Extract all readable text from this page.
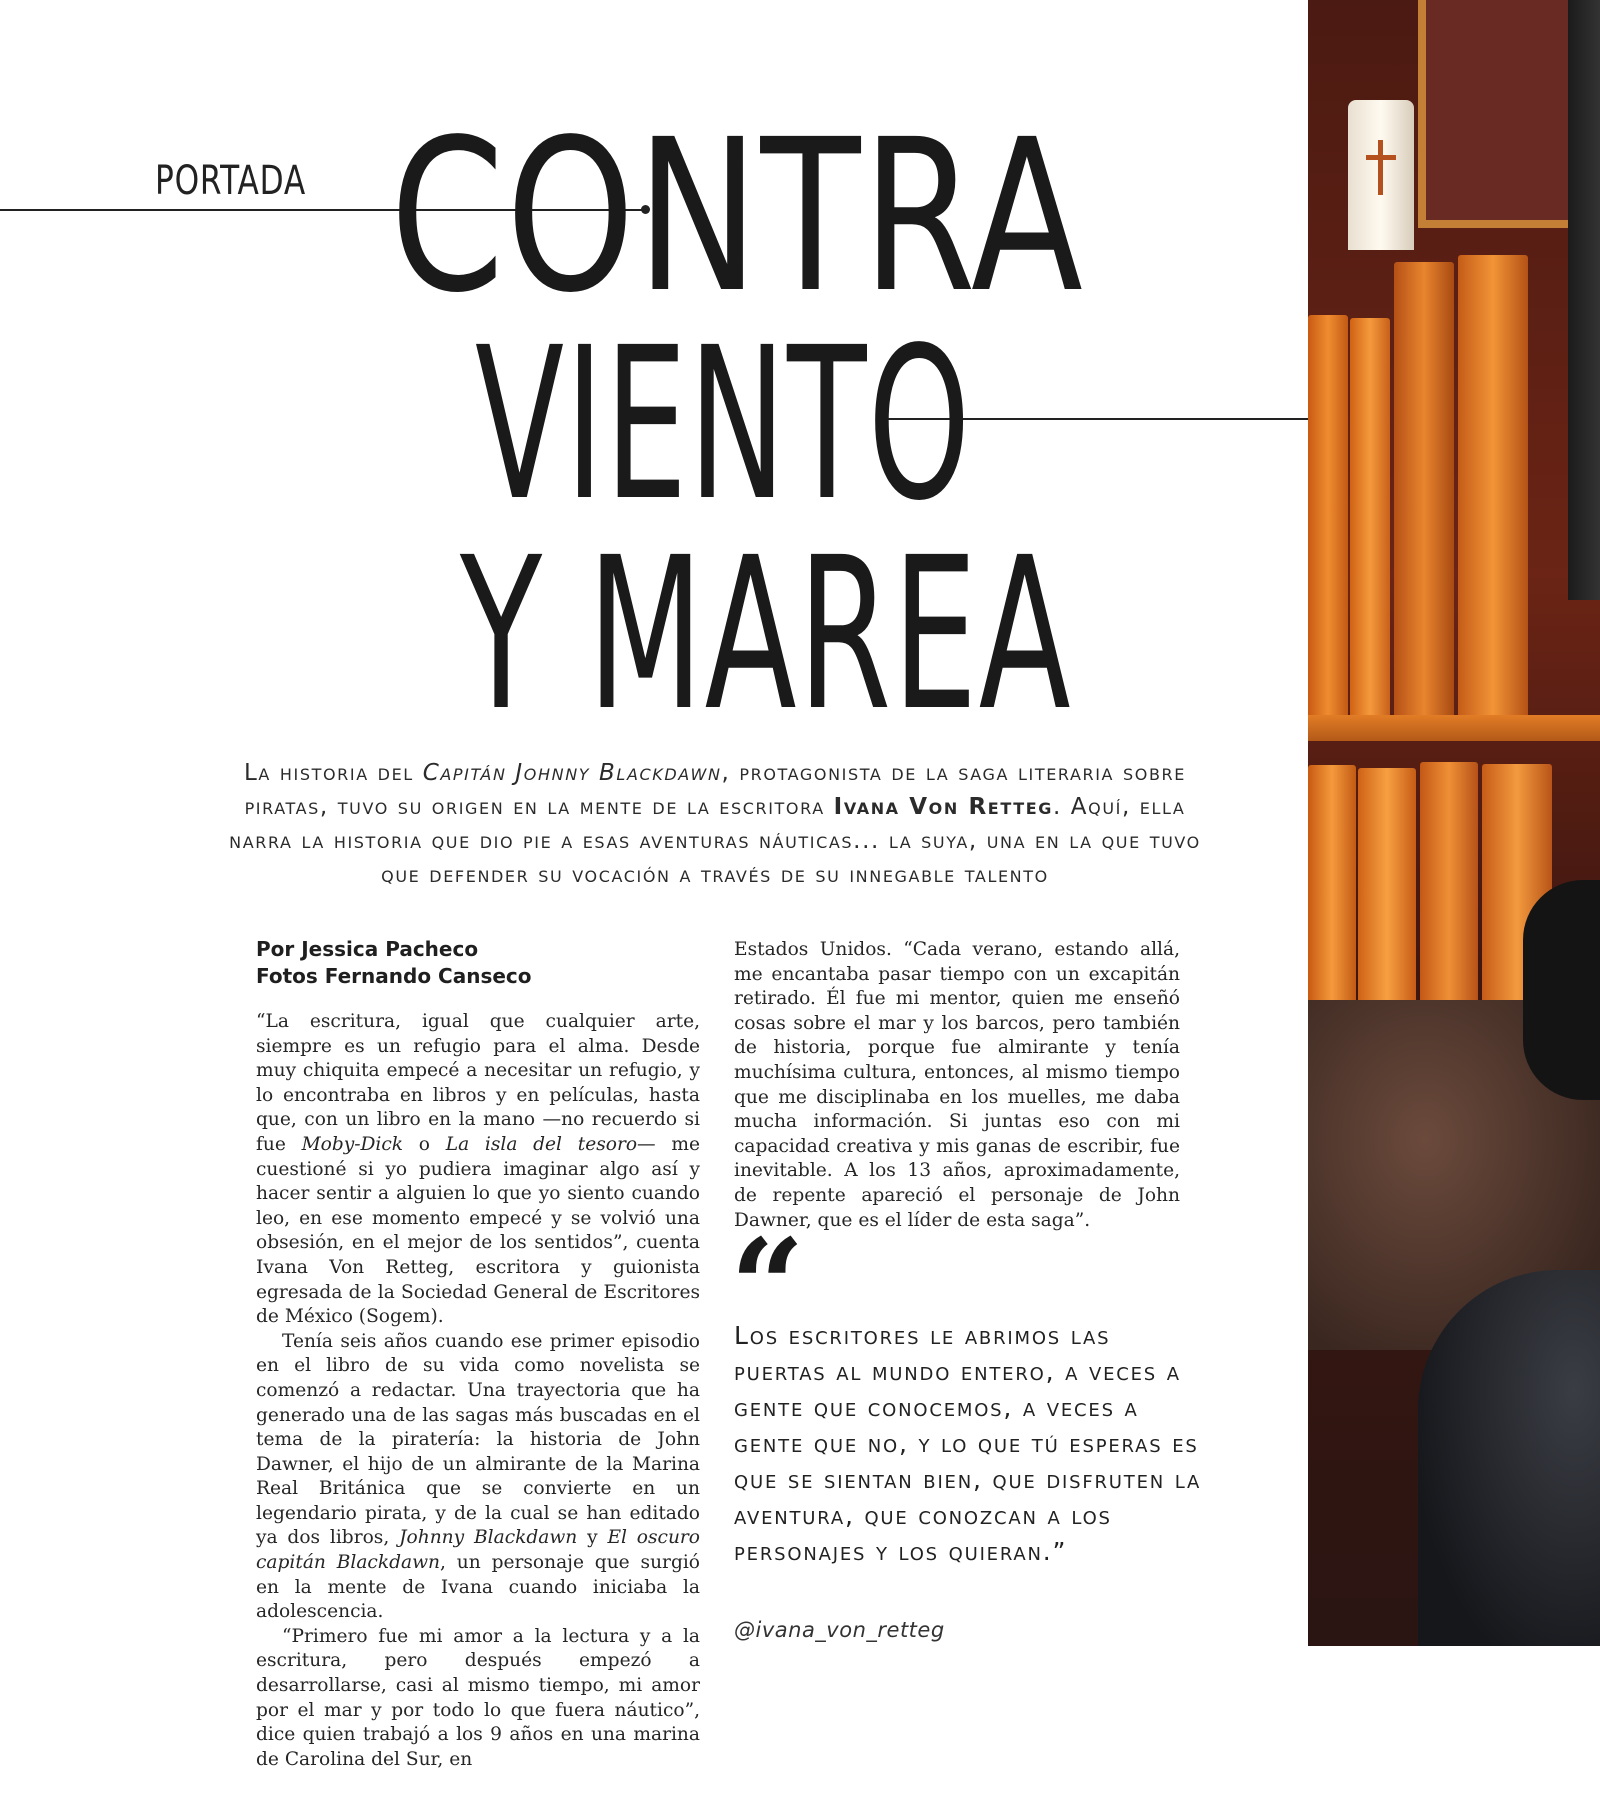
PORTADA CONTRA
VIENTO
Y MAREA
La historia del Capitán Johnny Blackdawn, protagonista de la saga literaria sobre piratas, tuvo su origen en la mente de la escritora Ivana Von Retteg. Aquí, ella narra la historia que dio pie a esas aventuras náuticas... la suya, una en la que tuvo que defender su vocación a través de su innegable talento
Por Jessica Pacheco
Fotos Fernando Canseco

“La escritura, igual que cualquier arte, siempre es un refugio para el alma. Desde muy chiquita empecé a necesitar un refugio, y lo encontraba en libros y en películas, hasta que, con un libro en la mano —no recuerdo si fue Moby-Dick o La isla del tesoro— me cuestioné si yo pudiera imaginar algo así y hacer sentir a alguien lo que yo siento cuando leo, en ese momento empecé y se volvió una obsesión, en el mejor de los sentidos”, cuenta Ivana Von Retteg, escritora y guionista egresada de la Sociedad General de Escritores de México (Sogem).

Tenía seis años cuando ese primer episodio en el libro de su vida como novelista se comenzó a redactar. Una trayectoria que ha generado una de las sagas más buscadas en el tema de la piratería: la historia de John Dawner, el hijo de un almirante de la Marina Real Británica que se convierte en un legendario pirata, y de la cual se han editado ya dos libros, Johnny Blackdawn y El oscuro capitán Blackdawn, un personaje que surgió en la mente de Ivana cuando iniciaba la adolescencia.

“Primero fue mi amor a la lectura y a la escritura, pero después empezó a desarrollarse, casi al mismo tiempo, mi amor por el mar y por todo lo que fuera náutico”, dice quien trabajó a los 9 años en una marina de Carolina del Sur, en

Estados Unidos. “Cada verano, estando allá, me encantaba pasar tiempo con un excapitán retirado. Él fue mi mentor, quien me enseñó cosas sobre el mar y los barcos, pero también de historia, porque fue almirante y tenía muchísima cultura, entonces, al mismo tiempo que me disciplinaba en los muelles, me daba mucha información. Si juntas eso con mi capacidad creativa y mis ganas de escribir, fue inevitable. A los 13 años, aproximadamente, de repente apareció el personaje de John Dawner, que es el líder de esta saga”.

“
Los escritores le abrimos las puertas al mundo entero, a veces a gente que conocemos, a veces a gente que no, y lo que tú esperas es que se sientan bien, que disfruten la aventura, que conozcan a los personajes y los quieran.”
@ivana_von_retteg
